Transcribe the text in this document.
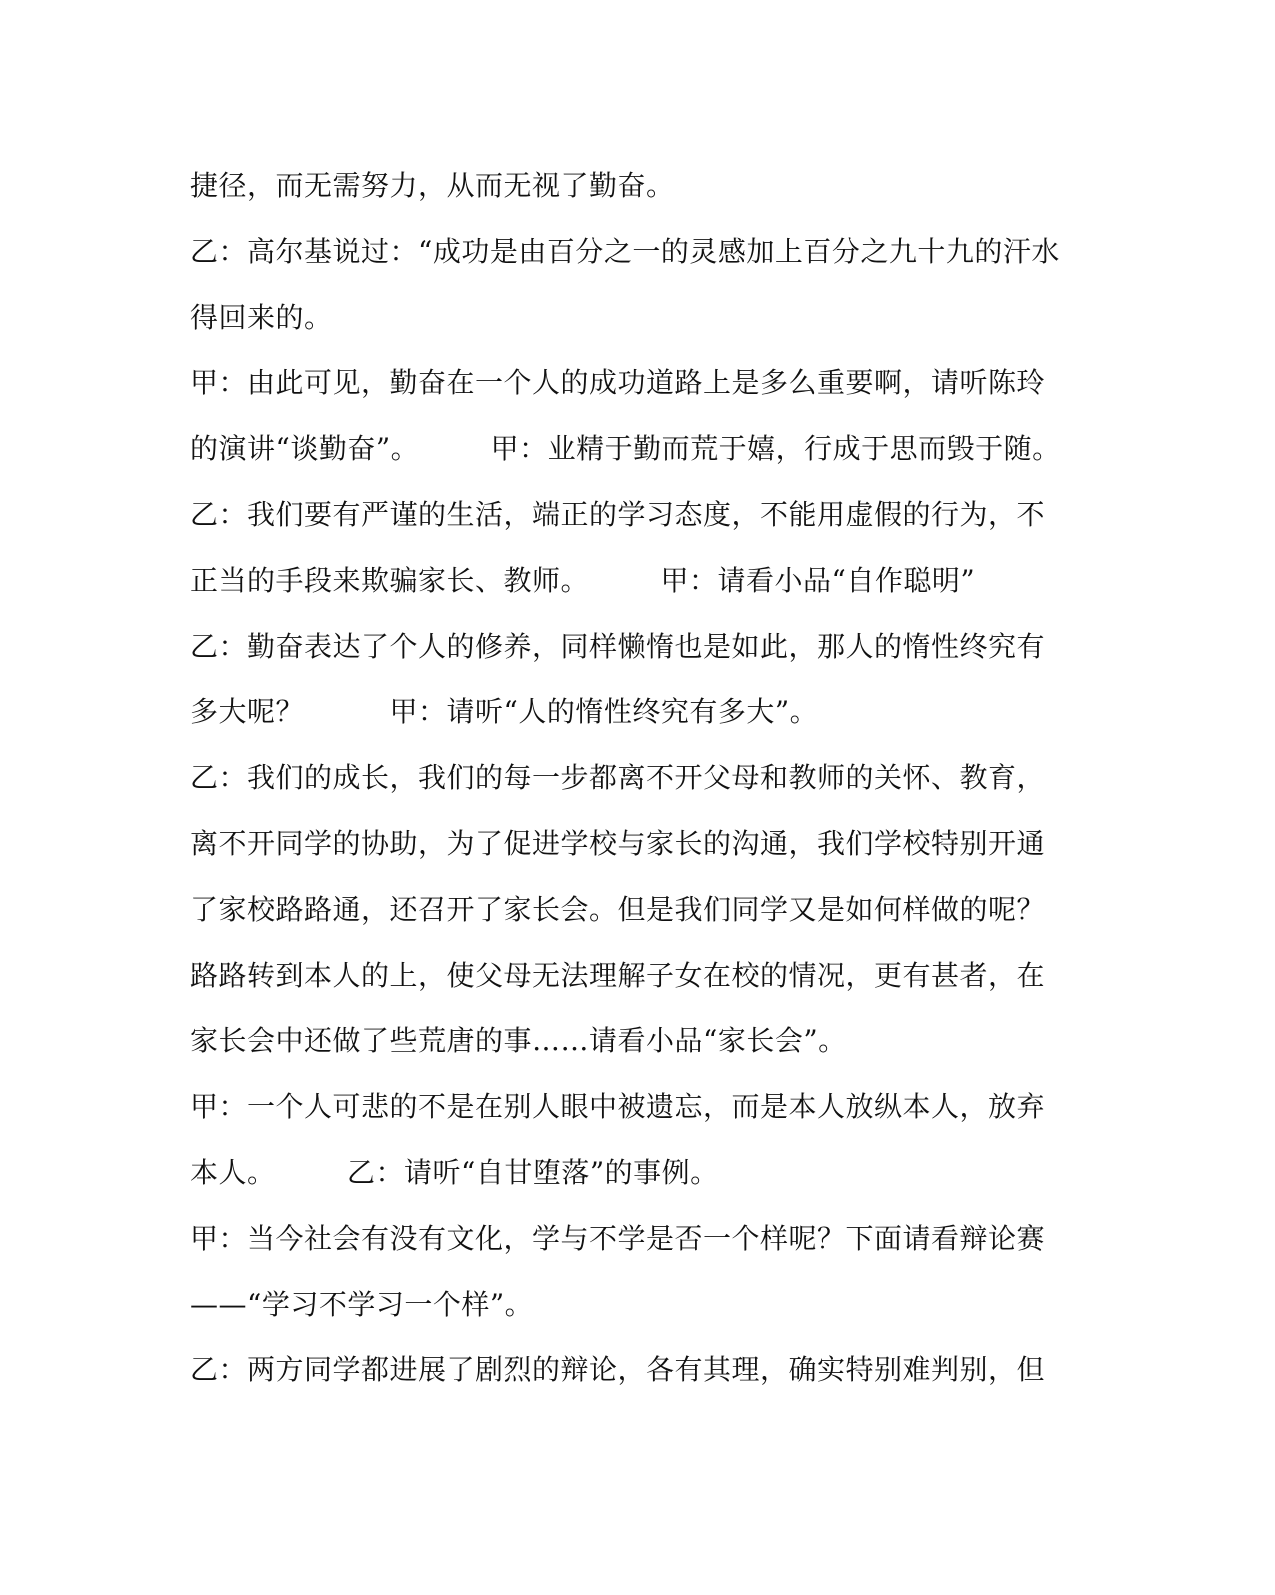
捷径，而无需努力，从而无视了勤奋。
乙：高尔基说过：“成功是由百分之一的灵感加上百分之九十九的汗水
得回来的。
甲：由此可见，勤奋在一个人的成功道路上是多么重要啊，请听陈玲
的演讲“谈勤奋”。　　　甲：业精于勤而荒于嬉，行成于思而毁于随。
乙：我们要有严谨的生活，端正的学习态度，不能用虚假的行为，不
正当的手段来欺骗家长、教师。　　　甲：请看小品“自作聪明”
乙：勤奋表达了个人的修养，同样懒惰也是如此，那人的惰性终究有
多大呢？　　　甲：请听“人的惰性终究有多大”。
乙：我们的成长，我们的每一步都离不开父母和教师的关怀、教育，
离不开同学的协助，为了促进学校与家长的沟通，我们学校特别开通
了家校路路通，还召开了家长会。但是我们同学又是如何样做的呢？
路路转到本人的上，使父母无法理解子女在校的情况，更有甚者，在
家长会中还做了些荒唐的事……请看小品“家长会”。
甲：一个人可悲的不是在别人眼中被遗忘，而是本人放纵本人，放弃
本人。　　　乙：请听“自甘堕落”的事例。
甲：当今社会有没有文化，学与不学是否一个样呢？下面请看辩论赛
——“学习不学习一个样”。
乙：两方同学都进展了剧烈的辩论，各有其理，确实特别难判别，但
